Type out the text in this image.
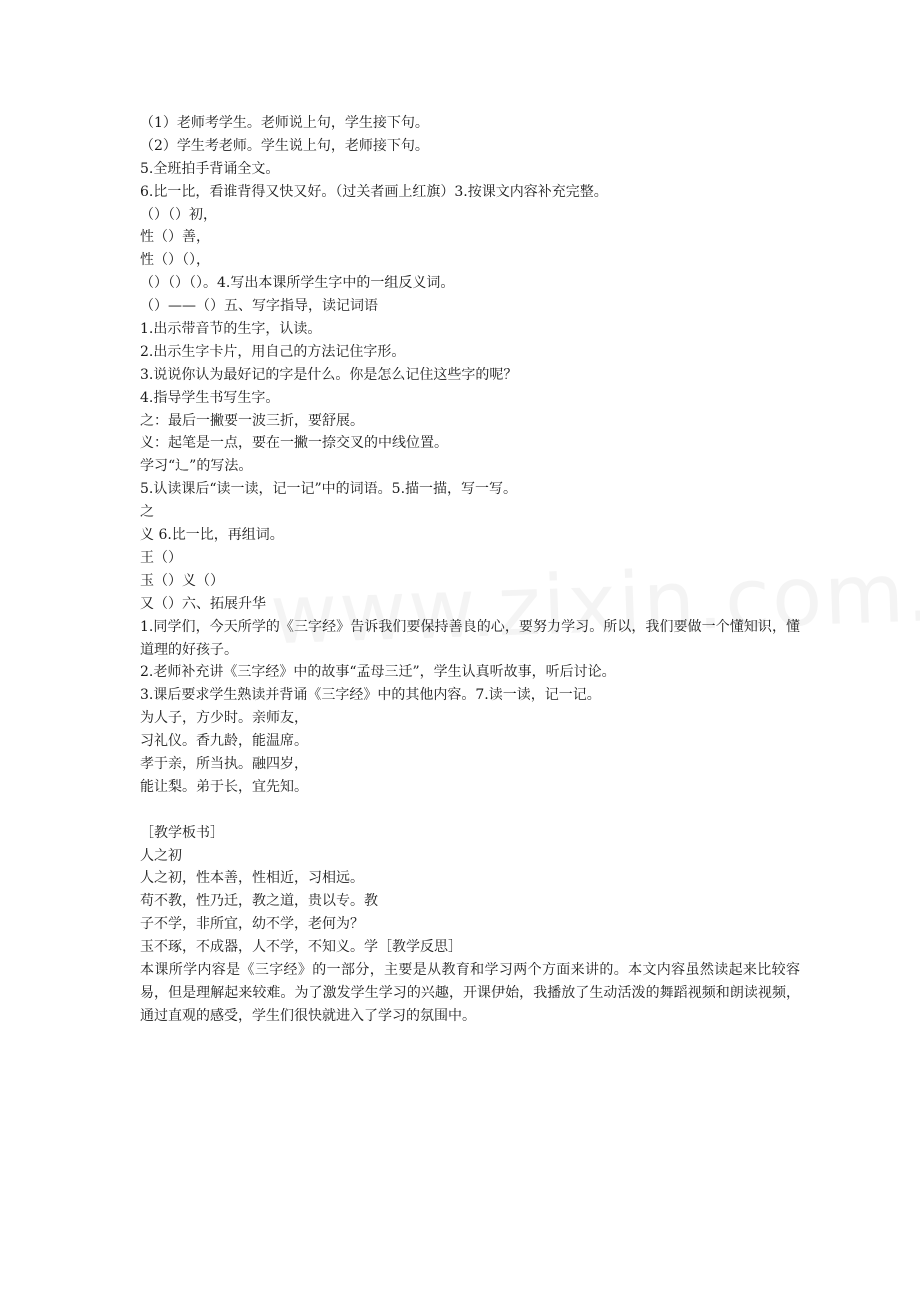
（1）老师考学生。老师说上句，学生接下句。
（2）学生考老师。学生说上句，老师接下句。
5.全班拍手背诵全文。
6.比一比，看谁背得又快又好。（过关者画上红旗）3.按课文内容补充完整。
（）（）初，
性（）善，
性（）（），
（）（）（）。4.写出本课所学生字中的一组反义词。
（）——（）五、写字指导，读记词语
1.出示带音节的生字，认读。
2.出示生字卡片，用自己的方法记住字形。
3.说说你认为最好记的字是什么。你是怎么记住这些字的呢？
4.指导学生书写生字。
之：最后一撇要一波三折，要舒展。
义：起笔是一点，要在一撇一捺交叉的中线位置。
学习“辶”的写法。
5.认读课后“读一读，记一记”中的词语。5.描一描，写一写。
之
义 6.比一比，再组词。
王（）
玉（）义（）
又（）六、拓展升华
1.同学们，今天所学的《三字经》告诉我们要保持善良的心，要努力学习。所以，我们要做一个懂知识，懂道理的好孩子。
2.老师补充讲《三字经》中的故事“孟母三迁”，学生认真听故事，听后讨论。
3.课后要求学生熟读并背诵《三字经》中的其他内容。7.读一读，记一记。
为人子，方少时。亲师友，
习礼仪。香九龄，能温席。
孝于亲，所当执。融四岁，
能让梨。弟于长，宜先知。
［教学板书］
人之初
人之初，性本善，性相近，习相远。
苟不教，性乃迁，教之道，贵以专。教
子不学，非所宜，幼不学，老何为？
玉不琢，不成器，人不学，不知义。学［教学反思］
本课所学内容是《三字经》的一部分，主要是从教育和学习两个方面来讲的。本文内容虽然读起来比较容易，但是理解起来较难。为了激发学生学习的兴趣，开课伊始，我播放了生动活泼的舞蹈视频和朗读视频，通过直观的感受，学生们很快就进入了学习的氛围中。
